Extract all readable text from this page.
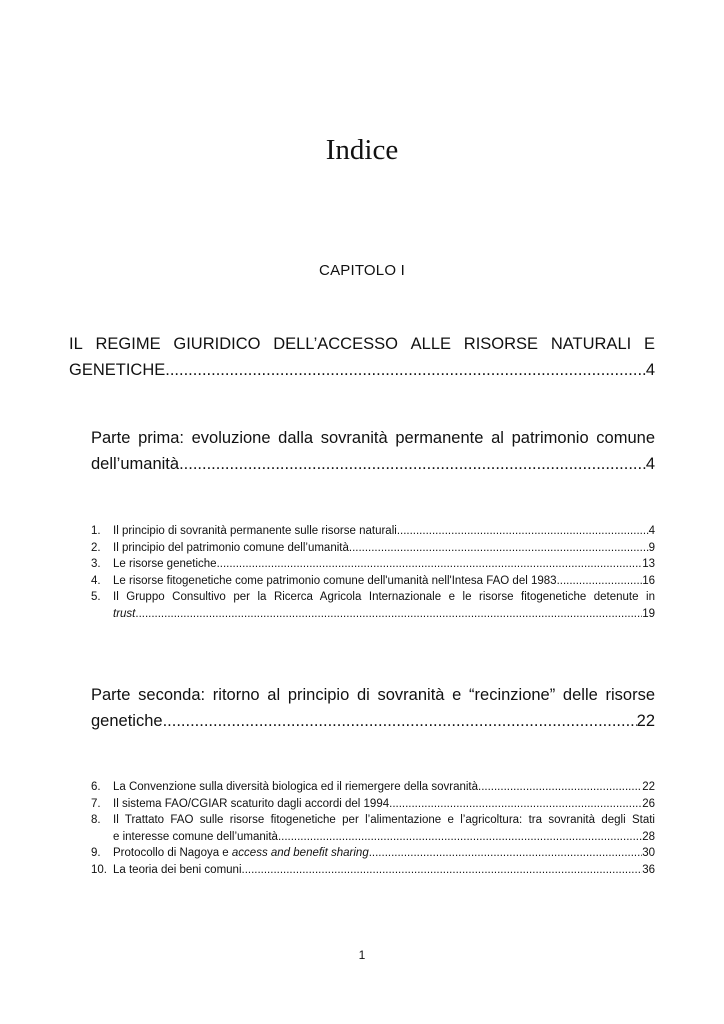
Indice
CAPITOLO I
IL REGIME GIURIDICO DELL’ACCESSO ALLE RISORSE NATURALI E
GENETICHE .....	4
Parte prima: evoluzione dalla sovranità permanente al patrimonio comune
dell’umanità .....	4
1. Il principio di sovranità permanente sulle risorse naturali .....	4
2. Il principio del patrimonio comune dell’umanità .....	9
3. Le risorse genetiche .....	13
4. Le risorse fitogenetiche come patrimonio comune dell'umanità nell'Intesa FAO del 1983 .....	16
5. Il Gruppo Consultivo per la Ricerca Agricola Internazionale e le risorse fitogenetiche detenute in
trust .....	19
Parte seconda: ritorno al principio di sovranità e “recinzione” delle risorse
genetiche .....	22
6. La Convenzione sulla diversità biologica ed il riemergere della sovranità .....	22
7. Il sistema FAO/CGIAR scaturito dagli accordi del 1994 .....	26
8. Il Trattato FAO sulle risorse fitogenetiche per l’alimentazione e l’agricoltura: tra sovranità degli Stati
e interesse comune dell’umanità .....	28
9. Protocollo di Nagoya e access and benefit sharing .....	30
10. La teoria dei beni comuni .....	36
1
